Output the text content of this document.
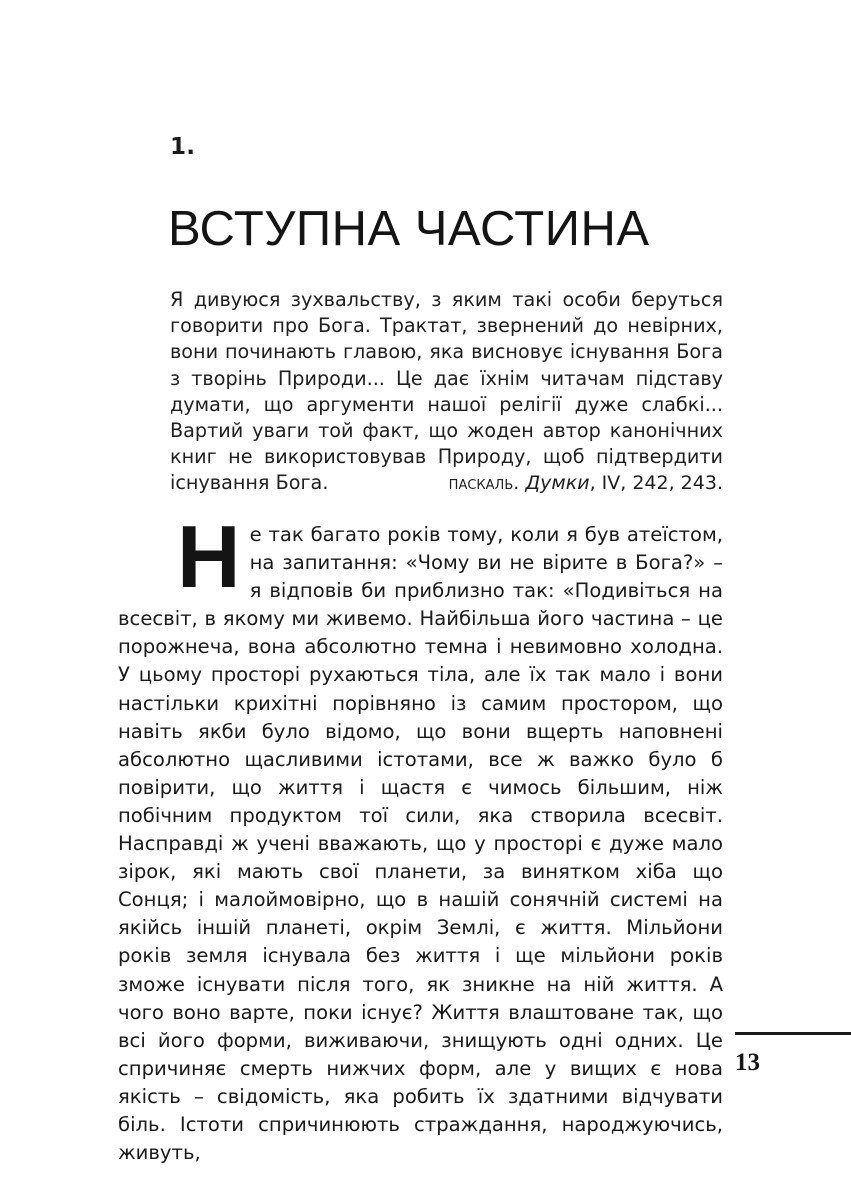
1.
ВСТУПНА ЧАСТИНА

Я дивуюся зухвальству, з яким такі особи беруться говорити про Бога. Трактат, звернений до невірних, вони починають главою, яка висновує існування Бога з творінь Природи... Це дає їхнім читачам підставу думати, що аргументи нашої релігії дуже слабкі... Вартий уваги той факт, що жоден автор канонічних книг не використовував Природу, щоб підтвердити існування Бога.	паскаль. Думки, IV, 242, 243.

Не так багато років тому, коли я був атеїстом, на запитання: «Чому ви не вірите в Бога?» – я відповів би приблизно так: «Подивіться на всесвіт, в якому ми живемо. Найбільша його частина – це порожнеча, вона абсолютно темна і невимовно холодна. У цьому просторі рухаються тіла, але їх так мало і вони настільки крихітні порівняно із самим простором, що навіть якби було відомо, що вони вщерть наповнені абсолютно щасливими істотами, все ж важко було б повірити, що життя і щастя є чимось більшим, ніж побічним продуктом тої сили, яка створила всесвіт. Насправді ж учені вважають, що у просторі є дуже мало зірок, які мають свої планети, за винятком хіба що Сонця; і малоймовірно, що в нашій сонячній системі на якійсь іншій планеті, окрім Землі, є життя. Мільйони років земля існувала без життя і ще мільйони років зможе існувати після того, як зникне на ній життя. А чого воно варте, поки існує? Життя влаштоване так, що всі його форми, виживаючи, знищують одні одних. Це спричиняє смерть нижчих форм, але у вищих є нова якість – свідомість, яка робить їх здатними відчувати біль. Істоти спричинюють страждання, народжуючись, живуть,

13
